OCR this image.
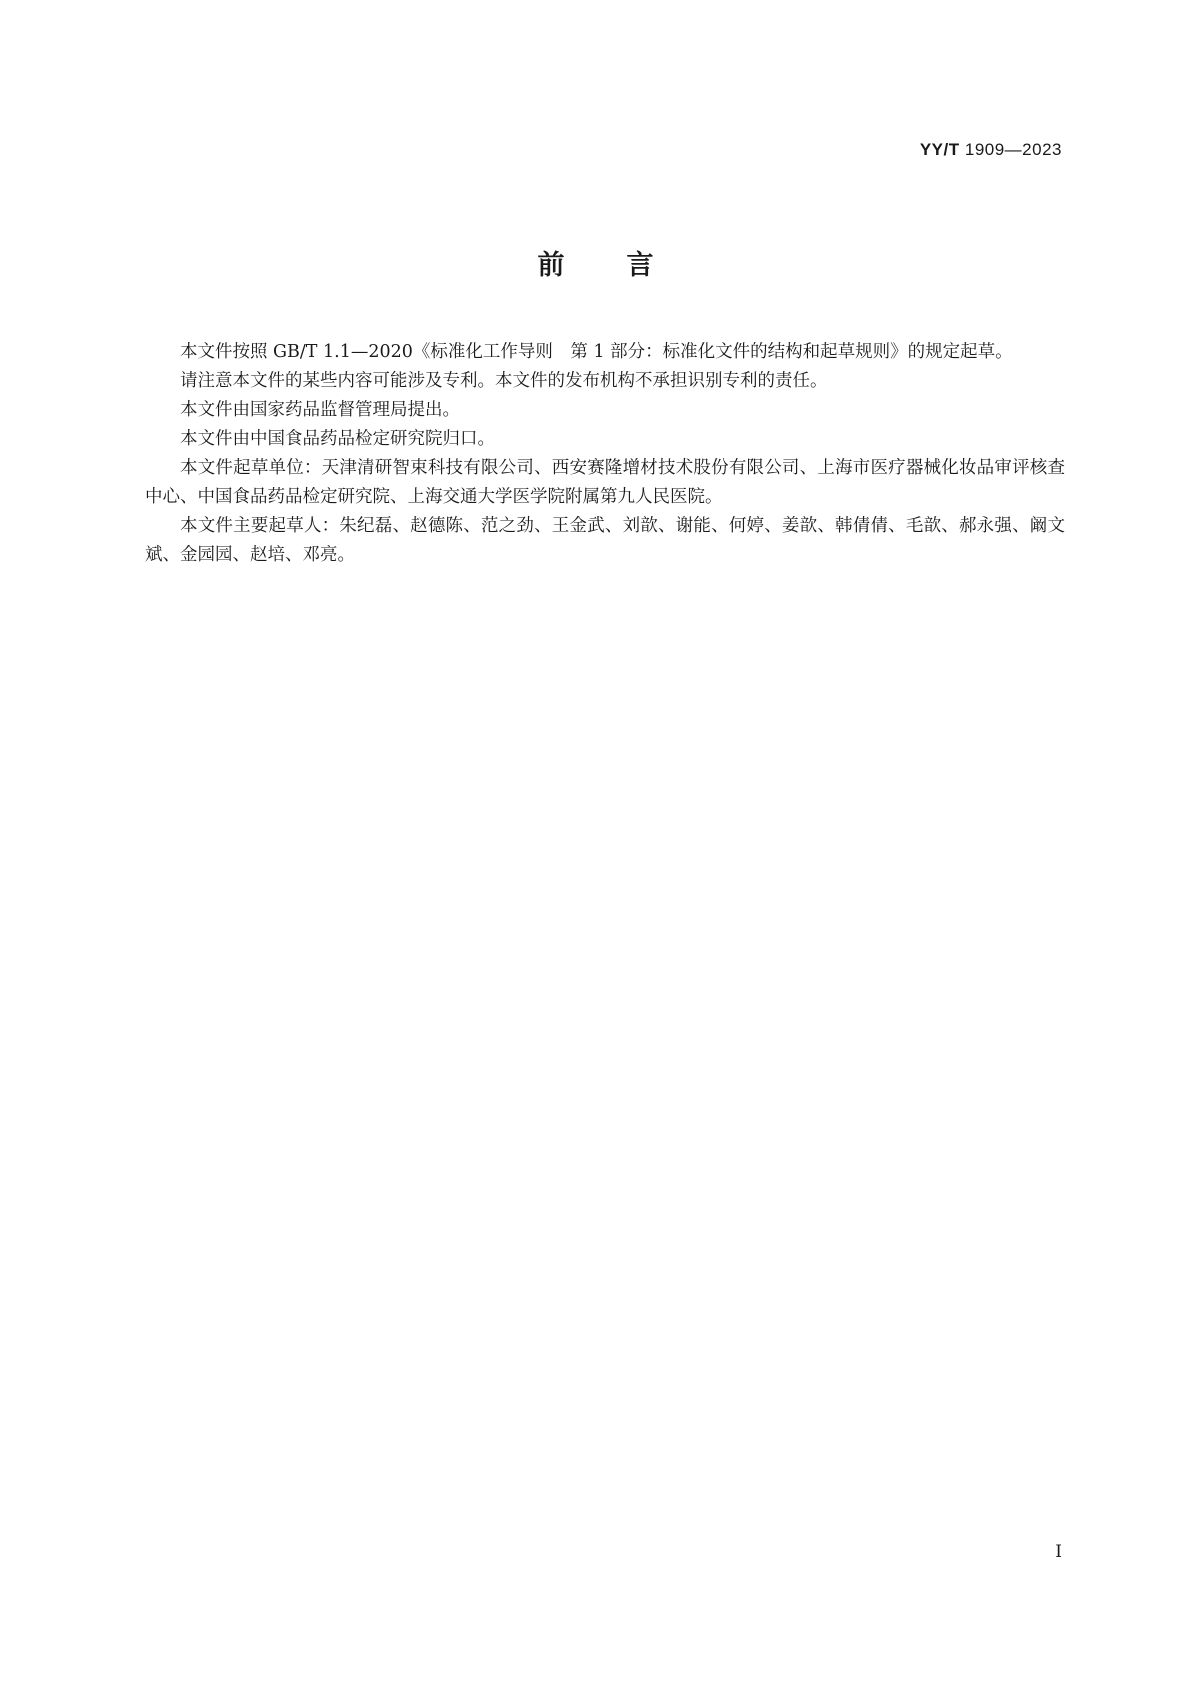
YY/T 1909—2023
前言

本文件按照 GB/T 1.1—2020《标准化工作导则　第 1 部分：标准化文件的结构和起草规则》的规定起草。

请注意本文件的某些内容可能涉及专利。本文件的发布机构不承担识别专利的责任。

本文件由国家药品监督管理局提出。

本文件由中国食品药品检定研究院归口。

本文件起草单位：天津清研智束科技有限公司、西安赛隆增材技术股份有限公司、上海市医疗器械化妆品审评核查中心、中国食品药品检定研究院、上海交通大学医学院附属第九人民医院。

本文件主要起草人：朱纪磊、赵德陈、范之劲、王金武、刘歆、谢能、何婷、姜歆、韩倩倩、毛歆、郝永强、阚文斌、金园园、赵培、邓亮。

I
